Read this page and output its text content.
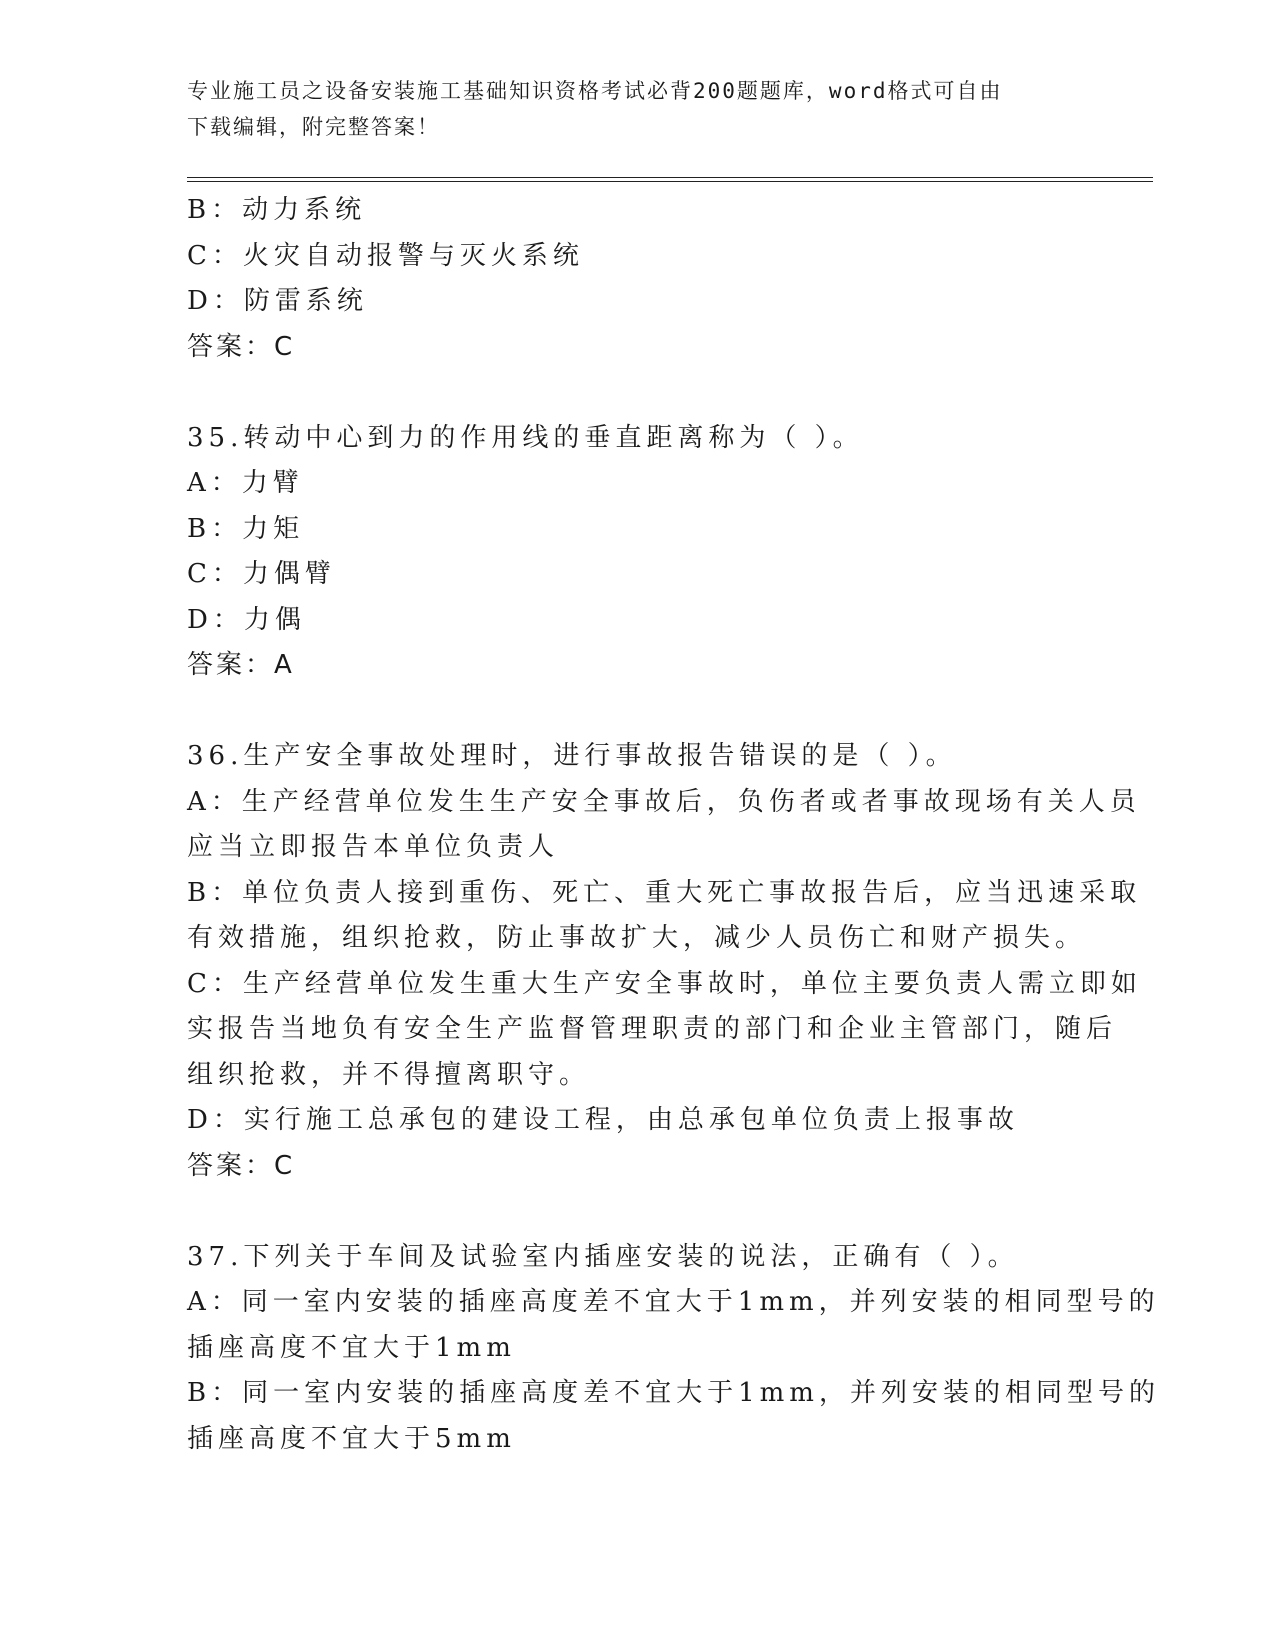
专业施工员之设备安装施工基础知识资格考试必背200题题库，word格式可自由
下载编辑，附完整答案！
B：动力系统
C：火灾自动报警与灭火系统
D：防雷系统
答案：C
35.转动中心到力的作用线的垂直距离称为（ ）。
A：力臂
B：力矩
C：力偶臂
D：力偶
答案：A
36.生产安全事故处理时，进行事故报告错误的是（ ）。
A：生产经营单位发生生产安全事故后，负伤者或者事故现场有关人员
应当立即报告本单位负责人
B：单位负责人接到重伤、死亡、重大死亡事故报告后，应当迅速采取
有效措施，组织抢救，防止事故扩大，减少人员伤亡和财产损失。
C：生产经营单位发生重大生产安全事故时，单位主要负责人需立即如
实报告当地负有安全生产监督管理职责的部门和企业主管部门，随后
组织抢救，并不得擅离职守。
D：实行施工总承包的建设工程，由总承包单位负责上报事故
答案：C
37.下列关于车间及试验室内插座安装的说法，正确有（ ）。
A：同一室内安装的插座高度差不宜大于1mm，并列安装的相同型号的
插座高度不宜大于1mm
B：同一室内安装的插座高度差不宜大于1mm，并列安装的相同型号的
插座高度不宜大于5mm
